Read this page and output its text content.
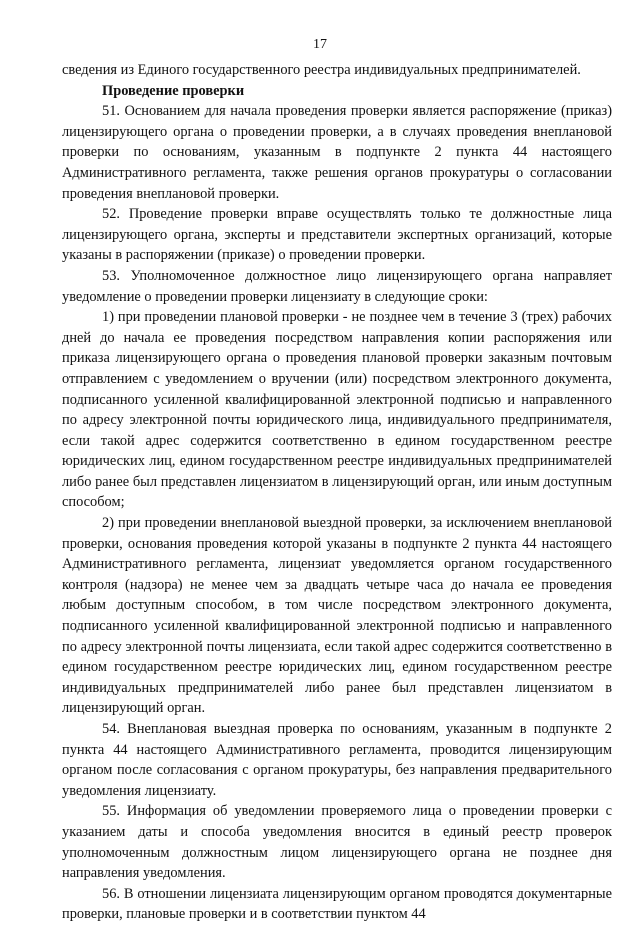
17

сведения из Единого государственного реестра индивидуальных предпринимателей.

Проведение проверки

51. Основанием для начала проведения проверки является распоряжение (приказ) лицензирующего органа о проведении проверки, а в случаях проведения внеплановой проверки по основаниям, указанным в подпункте 2 пункта 44 настоящего Административного регламента, также решения органов прокуратуры о согласовании проведения внеплановой проверки.

52. Проведение проверки вправе осуществлять только те должностные лица лицензирующего органа, эксперты и представители экспертных организаций, которые указаны в распоряжении (приказе) о проведении проверки.

53. Уполномоченное должностное лицо лицензирующего органа направляет уведомление о проведении проверки лицензиату в следующие сроки:

1) при проведении плановой проверки - не позднее чем в течение 3 (трех) рабочих дней до начала ее проведения посредством направления копии распоряжения или приказа лицензирующего органа о проведения плановой проверки заказным почтовым отправлением с уведомлением о вручении (или) посредством электронного документа, подписанного усиленной квалифицированной электронной подписью и направленного по адресу электронной почты юридического лица, индивидуального предпринимателя, если такой адрес содержится соответственно в едином государственном реестре юридических лиц, едином государственном реестре индивидуальных предпринимателей либо ранее был представлен лицензиатом в лицензирующий орган, или иным доступным способом;

2) при проведении внеплановой выездной проверки, за исключением внеплановой проверки, основания проведения которой указаны в подпункте 2 пункта 44 настоящего Административного регламента, лицензиат уведомляется органом государственного контроля (надзора) не менее чем за двадцать четыре часа до начала ее проведения любым доступным способом, в том числе посредством электронного документа, подписанного усиленной квалифицированной электронной подписью и направленного по адресу электронной почты лицензиата, если такой адрес содержится соответственно в едином государственном реестре юридических лиц, едином государственном реестре индивидуальных предпринимателей либо ранее был представлен лицензиатом в лицензирующий орган.

54. Внеплановая выездная проверка по основаниям, указанным в подпункте 2 пункта 44 настоящего Административного регламента, проводится лицензирующим органом после согласования с органом прокуратуры, без направления предварительного уведомления лицензиату.

55. Информация об уведомлении проверяемого лица о проведении проверки с указанием даты и способа уведомления вносится в единый реестр проверок уполномоченным должностным лицом лицензирующего органа не позднее дня направления уведомления.

56. В отношении лицензиата лицензирующим органом проводятся документарные проверки, плановые проверки и в соответствии пунктом 44
